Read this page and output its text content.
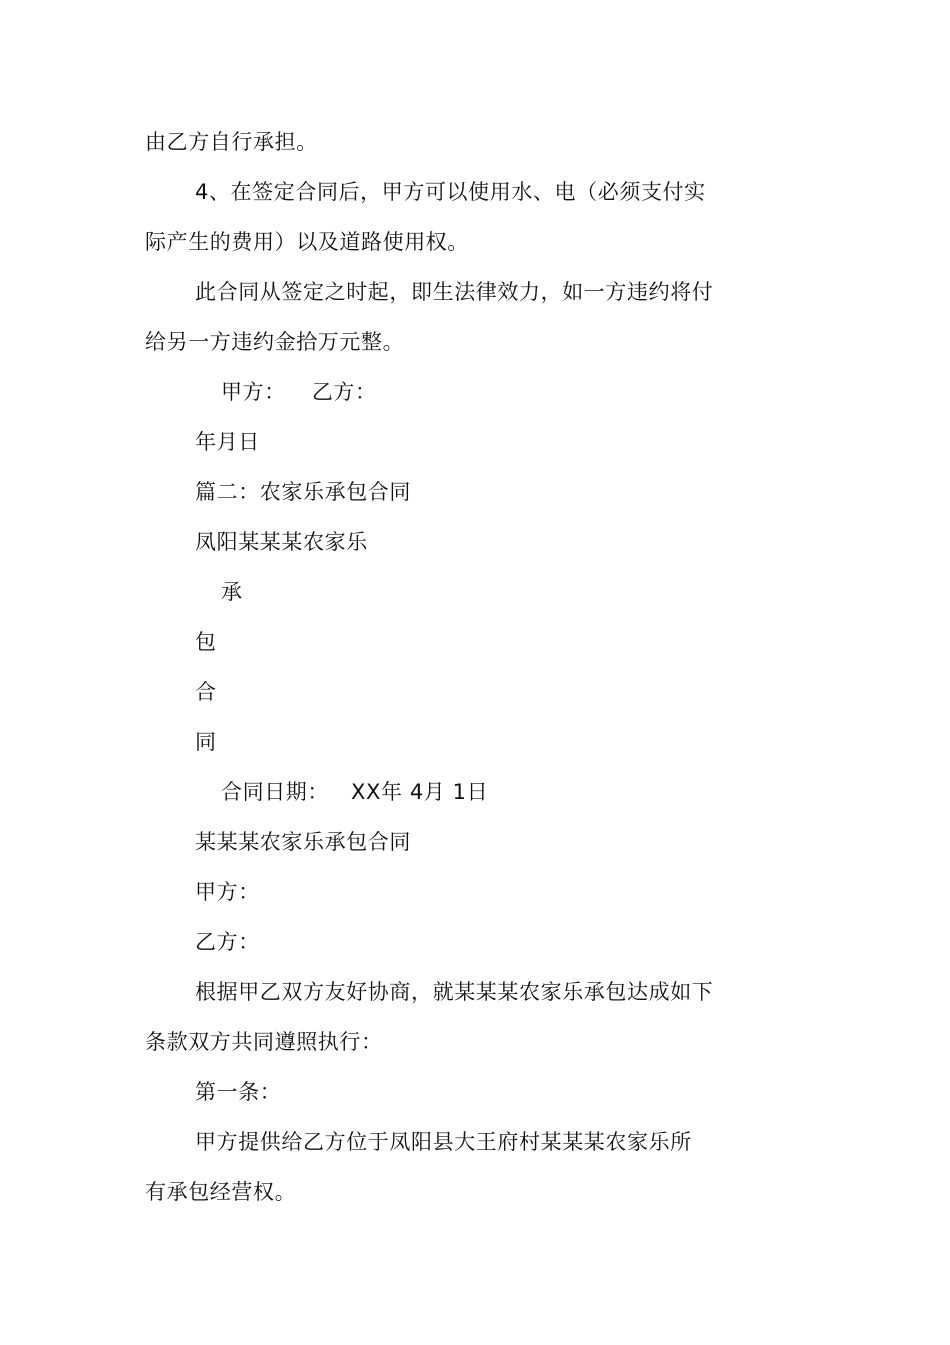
由乙方自行承担。
4、在签定合同后，甲方可以使用水、电（必须支付实
际产生的费用）以及道路使用权。
此合同从签定之时起，即生法律效力，如一方违约将付
给另一方违约金拾万元整。
甲方： 乙方：
年月日
篇二：农家乐承包合同
凤阳某某某农家乐
承
包
合
同
合同日期： XX年 4月 1日
某某某农家乐承包合同
甲方：
乙方：
根据甲乙双方友好协商，就某某某农家乐承包达成如下
条款双方共同遵照执行：
第一条：
甲方提供给乙方位于凤阳县大王府村某某某农家乐所
有承包经营权。
